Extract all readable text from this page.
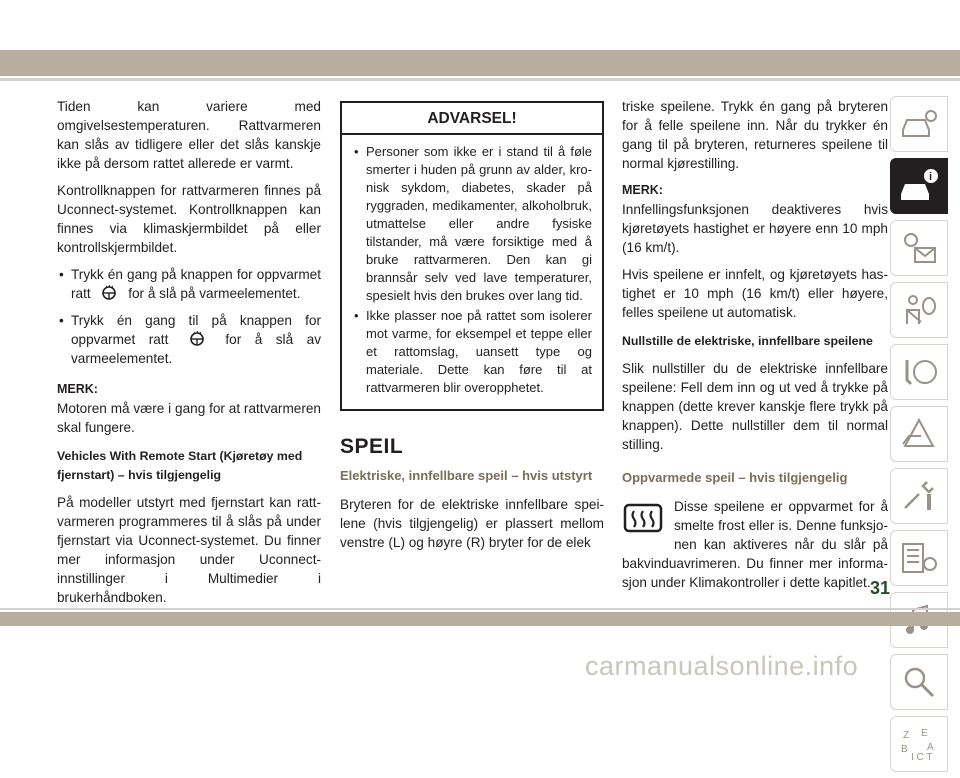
Tiden kan variere med omgivelsestemperaturen. Rattvarmeren kan slås av tidligere eller det slås kanskje ikke på dersom rattet allerede er varmt.

Kontrollknappen for rattvarmeren finnes på Uconnect-systemet. Kontrollknappen kan finnes via klimaskjermbildet på eller kontrollskjermbildet.

• Trykk én gang på knappen for oppvarmet ratt	for å slå på varmeelementet.
• Trykk én gang til på knappen for oppvarmet ratt	for å slå av varmeelementet.
MERK:

Motoren må være i gang for at rattvarmeren skal fungere.

Vehicles With Remote Start (Kjøretøy med fjernstart) – hvis tilgjengelig

På modeller utstyrt med fjernstart kan rattvarmeren programmeres til å slås på under fjernstart via Uconnect-systemet. Du finner mer informasjon under Uconnect-innstillinger i Multimedier i brukerhåndboken.

ADVARSEL!
• Personer som ikke er i stand til å føle smerter i huden på grunn av alder, kronisk sykdom, diabetes, skader på ryggraden, medikamenter, alkoholbruk, utmattelse eller andre fysiske tilstander, må være forsiktige med å bruke rattvarmeren. Den kan gi brannsår selv ved lave temperaturer, spesielt hvis den brukes over lang tid.
• Ikke plasser noe på rattet som isolerer mot varme, for eksempel et teppe eller et rattomslag, uansett type og materiale. Dette kan føre til at rattvarmeren blir overopphetet.
SPEIL
Elektriske, innfellbare speil – hvis utstyrt

Bryteren for de elektriske innfellbare speilene (hvis tilgjengelig) er plassert mellom venstre (L) og høyre (R) bryter for de elek

triske speilene. Trykk én gang på bryteren for å felle speilene inn. Når du trykker én gang til på bryteren, returneres speilene til normal kjørestilling.

MERK:

Innfellingsfunksjonen deaktiveres hvis kjøretøyets hastighet er høyere enn 10 mph (16 km/t).

Hvis speilene er innfelt, og kjøretøyets hastighet er 10 mph (16 km/t) eller høyere, felles speilene ut automatisk.

Nullstille de elektriske, innfellbare speilene

Slik nullstiller du de elektriske innfellbare speilene: Fell dem inn og ut ved å trykke på knappen (dette krever kanskje flere trykk på knappen). Dette nullstiller dem til normal stilling.

Oppvarmede speil – hvis tilgjengelig

Disse speilene er oppvarmet for å smelte frost eller is. Denne funksjonen kan aktiveres når du slår på bakvinduavrimeren. Du finner mer informasjon under Klimakontroller i dette kapitlet.

i
Z E
B A
I C T
31
carmanualsonline.info
